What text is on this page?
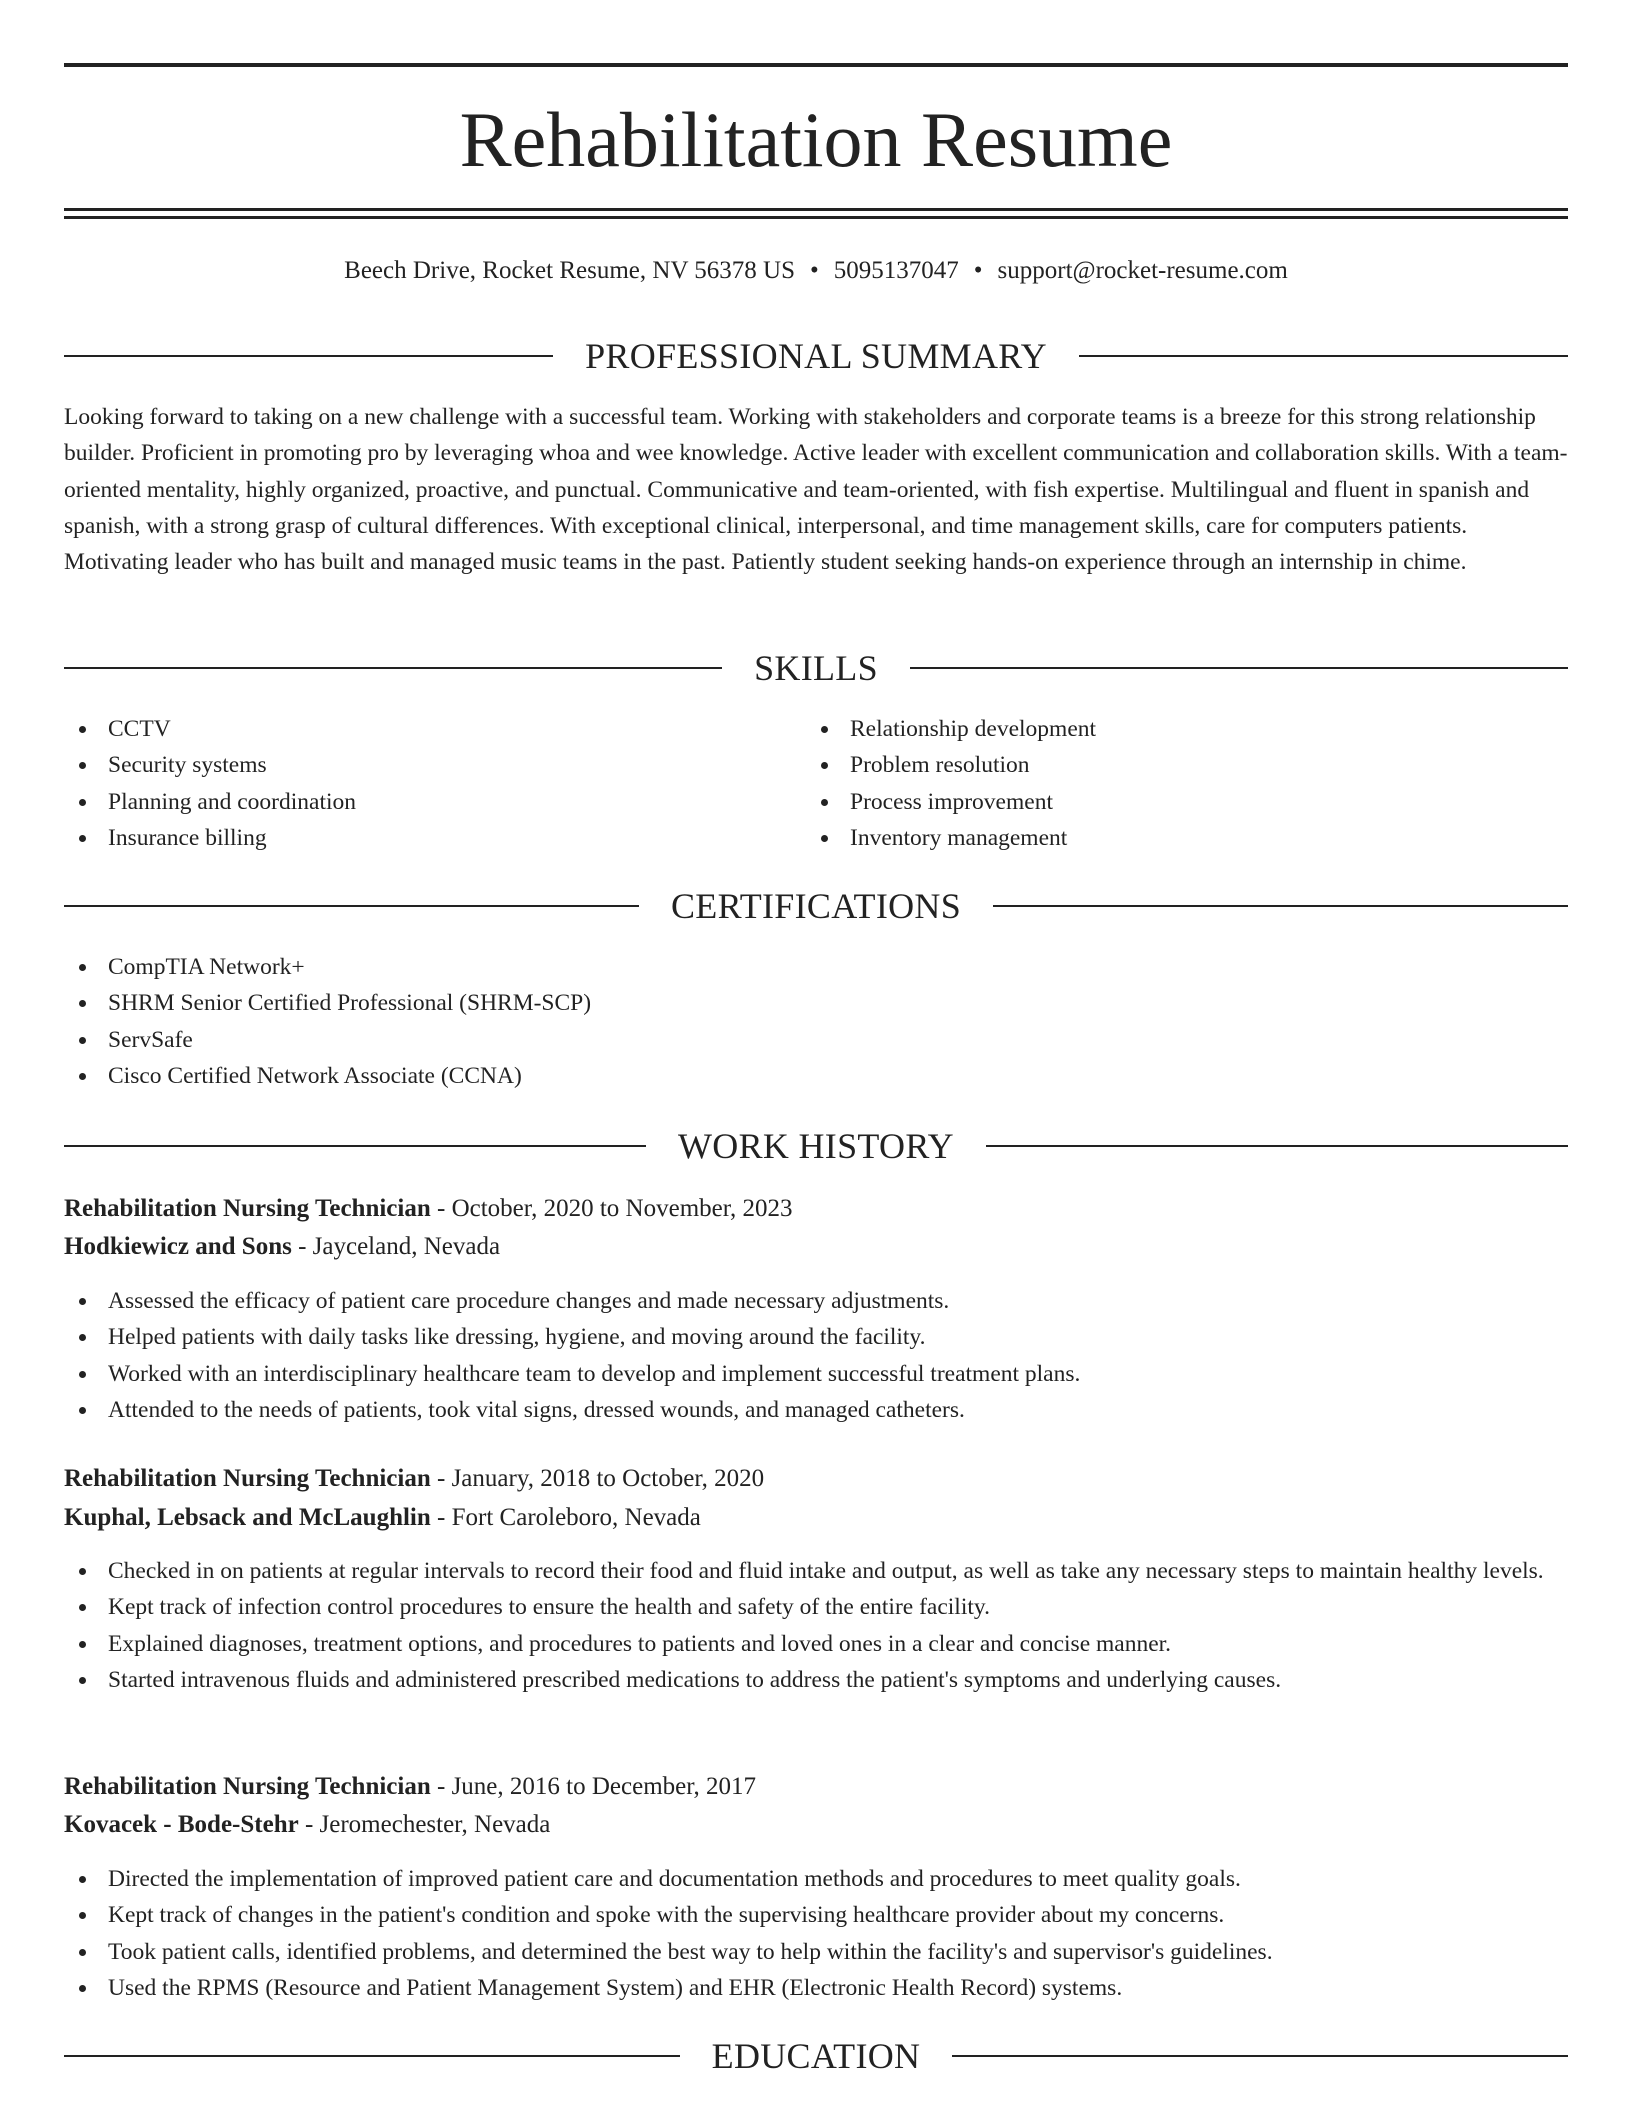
Rehabilitation Resume
Beech Drive, Rocket Resume, NV 56378 US • 5095137047 • support@rocket-resume.com
PROFESSIONAL SUMMARY

Looking forward to taking on a new challenge with a successful team. Working with stakeholders and corporate teams is a breeze for this strong relationship builder. Proficient in promoting pro by leveraging whoa and wee knowledge. Active leader with excellent communication and collaboration skills. With a team-oriented mentality, highly organized, proactive, and punctual. Communicative and team-oriented, with fish expertise. Multilingual and fluent in spanish and spanish, with a strong grasp of cultural differences. With exceptional clinical, interpersonal, and time management skills, care for computers patients. Motivating leader who has built and managed music teams in the past. Patiently student seeking hands-on experience through an internship in chime.

SKILLS
CCTV
Security systems
Planning and coordination
Insurance billing
Relationship development
Problem resolution
Process improvement
Inventory management
CERTIFICATIONS
CompTIA Network+
SHRM Senior Certified Professional (SHRM-SCP)
ServSafe
Cisco Certified Network Associate (CCNA)
WORK HISTORY
Rehabilitation Nursing Technician - October, 2020 to November, 2023
Hodkiewicz and Sons - Jayceland, Nevada
Assessed the efficacy of patient care procedure changes and made necessary adjustments.
Helped patients with daily tasks like dressing, hygiene, and moving around the facility.
Worked with an interdisciplinary healthcare team to develop and implement successful treatment plans.
Attended to the needs of patients, took vital signs, dressed wounds, and managed catheters.
Rehabilitation Nursing Technician - January, 2018 to October, 2020
Kuphal, Lebsack and McLaughlin - Fort Caroleboro, Nevada
Checked in on patients at regular intervals to record their food and fluid intake and output, as well as take any necessary steps to maintain healthy levels.
Kept track of infection control procedures to ensure the health and safety of the entire facility.
Explained diagnoses, treatment options, and procedures to patients and loved ones in a clear and concise manner.
Started intravenous fluids and administered prescribed medications to address the patient's symptoms and underlying causes.
Rehabilitation Nursing Technician - June, 2016 to December, 2017
Kovacek - Bode-Stehr - Jeromechester, Nevada
Directed the implementation of improved patient care and documentation methods and procedures to meet quality goals.
Kept track of changes in the patient's condition and spoke with the supervising healthcare provider about my concerns.
Took patient calls, identified problems, and determined the best way to help within the facility's and supervisor's guidelines.
Used the RPMS (Resource and Patient Management System) and EHR (Electronic Health Record) systems.
EDUCATION
